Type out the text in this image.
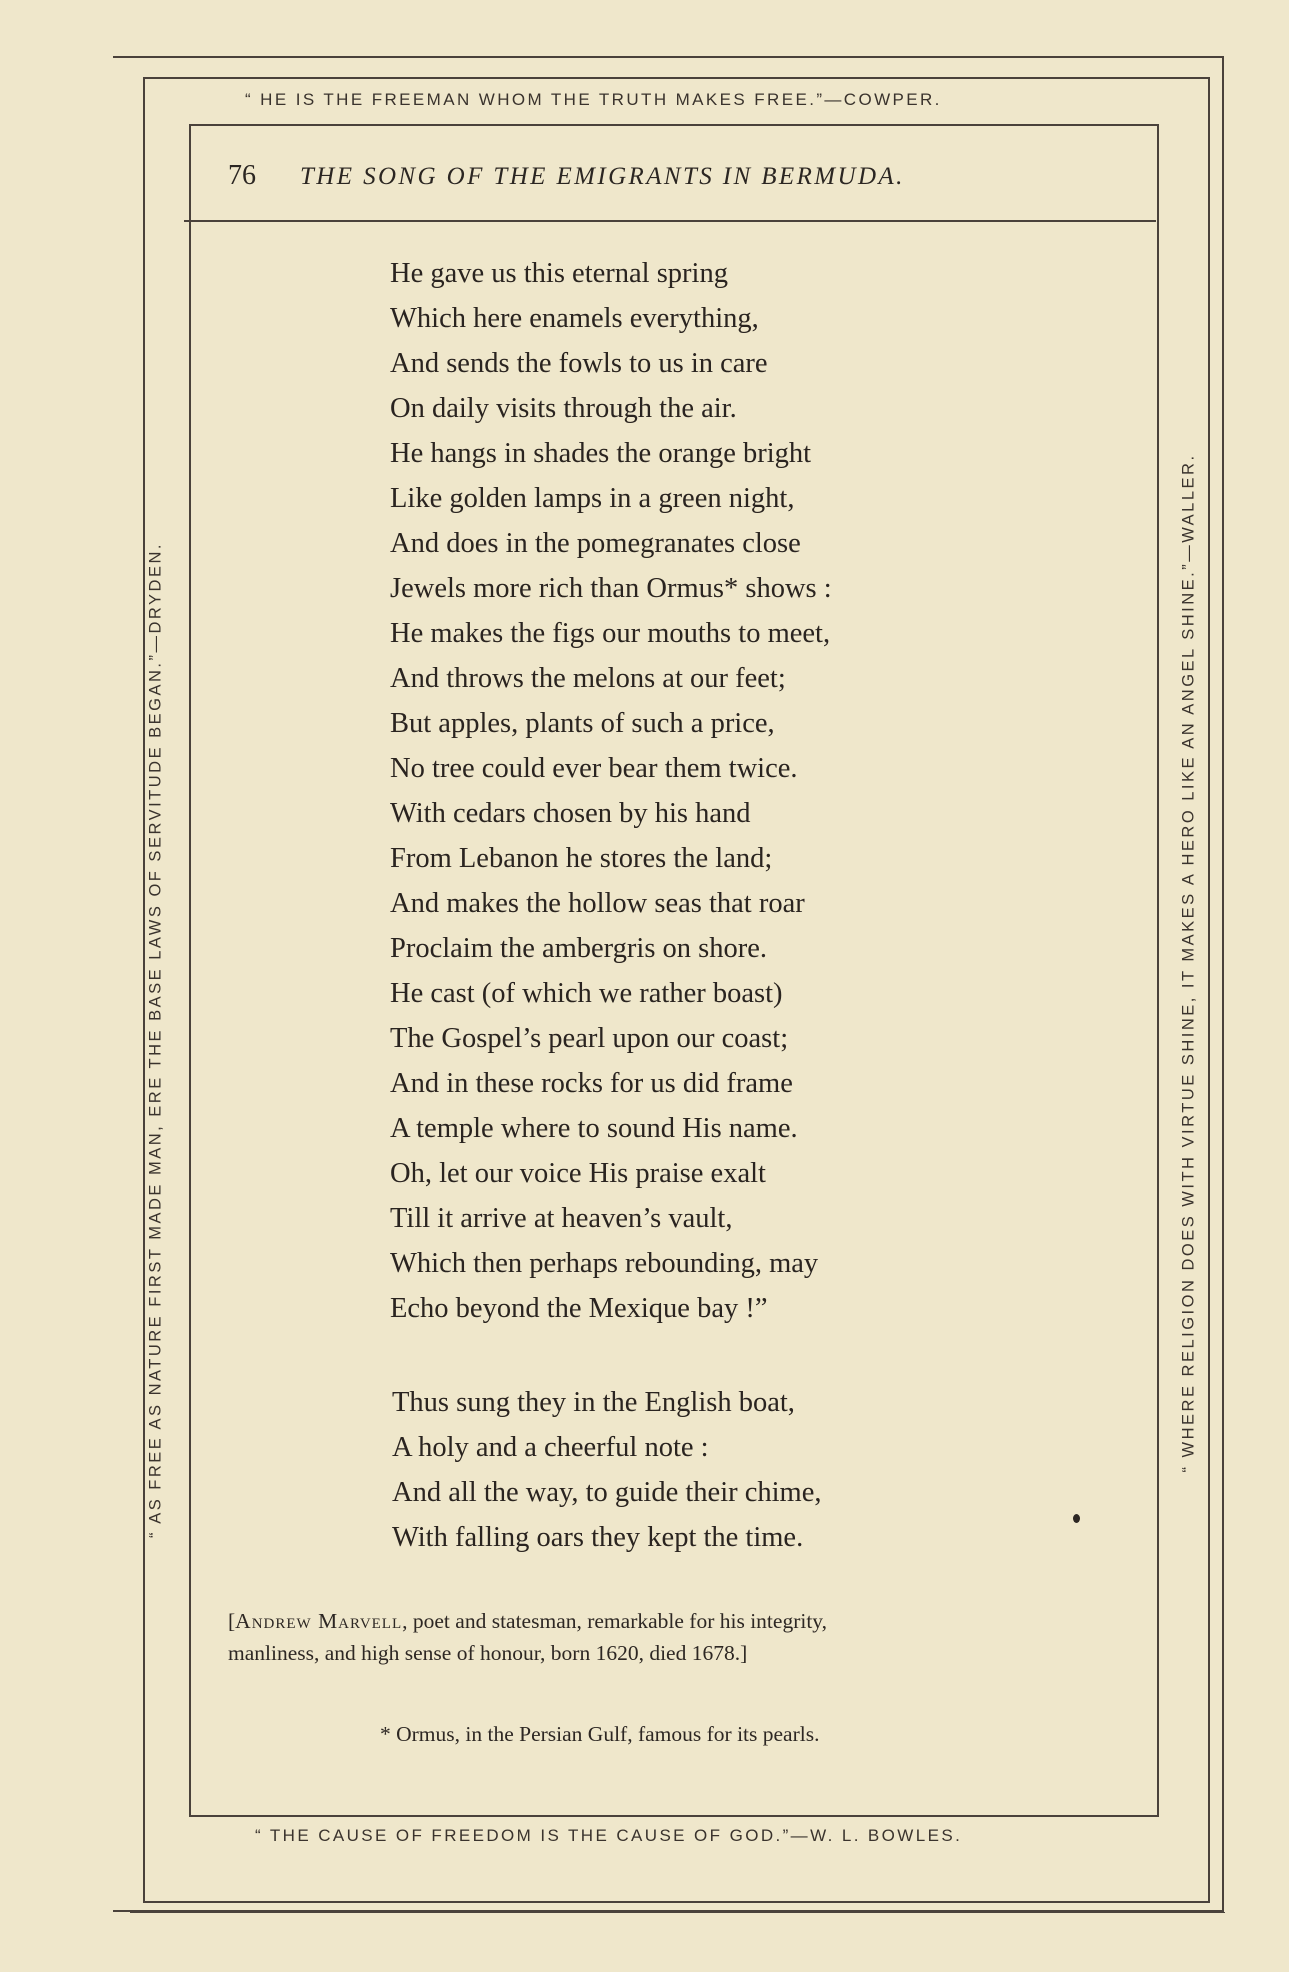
“ HE IS THE FREEMAN WHOM THE TRUTH MAKES FREE.”—COWPER.
“ THE CAUSE OF FREEDOM IS THE CAUSE OF GOD.”—W. L. BOWLES.
“ AS FREE AS NATURE FIRST MADE MAN, ERE THE BASE LAWS OF SERVITUDE BEGAN.”—DRYDEN.	“ WHERE RELIGION DOES WITH VIRTUE SHINE, IT MAKES A HERO LIKE AN ANGEL SHINE.”—WALLER.
76 THE SONG OF THE EMIGRANTS IN BERMUDA.
He gave us this eternal spring
Which here enamels everything,
And sends the fowls to us in care
On daily visits through the air.
He hangs in shades the orange bright
Like golden lamps in a green night,
And does in the pomegranates close
Jewels more rich than Ormus* shows :
He makes the figs our mouths to meet,
And throws the melons at our feet;
But apples, plants of such a price,
No tree could ever bear them twice.
With cedars chosen by his hand
From Lebanon he stores the land;
And makes the hollow seas that roar
Proclaim the ambergris on shore.
He cast (of which we rather boast)
The Gospel’s pearl upon our coast;
And in these rocks for us did frame
A temple where to sound His name.
Oh, let our voice His praise exalt
Till it arrive at heaven’s vault,
Which then perhaps rebounding, may
Echo beyond the Mexique bay !”
Thus sung they in the English boat,
A holy and a cheerful note :
And all the way, to guide their chime,
With falling oars they kept the time.
[Andrew Marvell, poet and statesman, remarkable for his integrity,
manliness, and high sense of honour, born 1620, died 1678.]
* Ormus, in the Persian Gulf, famous for its pearls.
